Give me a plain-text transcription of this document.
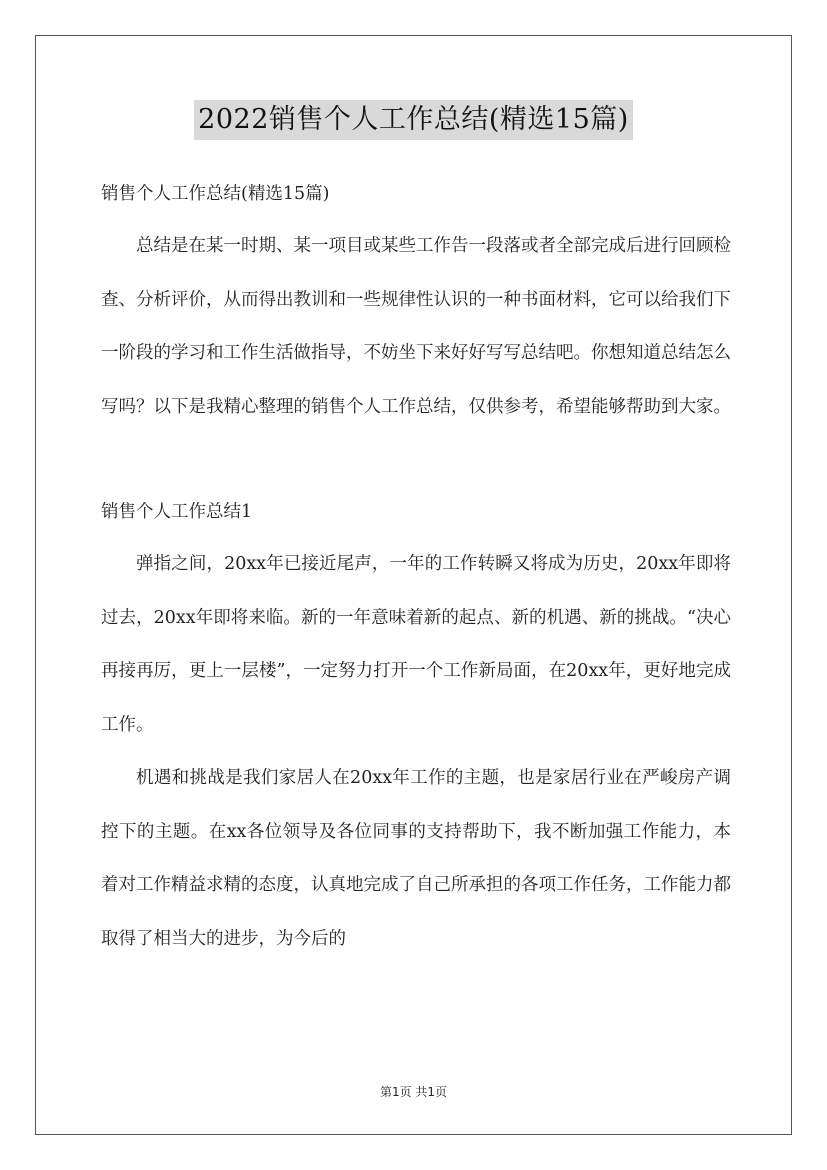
2022销售个人工作总结(精选15篇)

销售个人工作总结(精选15篇)

总结是在某一时期、某一项目或某些工作告一段落或者全部完成后进行回顾检查、分析评价，从而得出教训和一些规律性认识的一种书面材料，它可以给我们下一阶段的学习和工作生活做指导，不妨坐下来好好写写总结吧。你想知道总结怎么写吗？以下是我精心整理的销售个人工作总结，仅供参考，希望能够帮助到大家。

销售个人工作总结1

弹指之间，20xx年已接近尾声，一年的工作转瞬又将成为历史，20xx年即将过去，20xx年即将来临。新的一年意味着新的起点、新的机遇、新的挑战。“决心再接再厉，更上一层楼”，一定努力打开一个工作新局面，在20xx年，更好地完成工作。

机遇和挑战是我们家居人在20xx年工作的主题，也是家居行业在严峻房产调控下的主题。在xx各位领导及各位同事的支持帮助下，我不断加强工作能力，本着对工作精益求精的态度，认真地完成了自己所承担的各项工作任务，工作能力都取得了相当大的进步，为今后的

第1页 共1页
